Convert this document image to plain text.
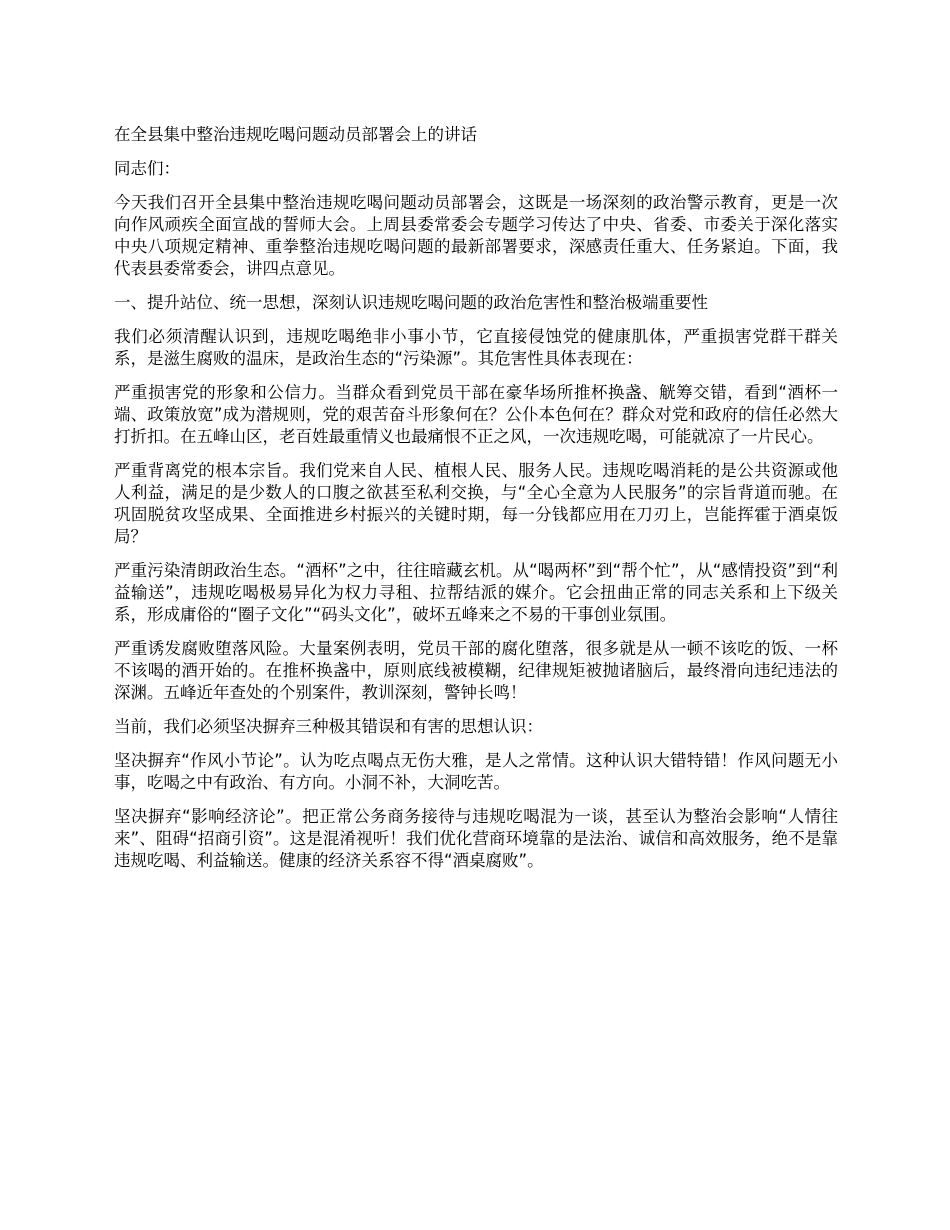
在全县集中整治违规吃喝问题动员部署会上的讲话

同志们：

今天我们召开全县集中整治违规吃喝问题动员部署会，这既是一场深刻的政治警示教育，更是一次向作风顽疾全面宣战的誓师大会。上周县委常委会专题学习传达了中央、省委、市委关于深化落实中央八项规定精神、重拳整治违规吃喝问题的最新部署要求，深感责任重大、任务紧迫。下面，我代表县委常委会，讲四点意见。

一、提升站位、统一思想，深刻认识违规吃喝问题的政治危害性和整治极端重要性

我们必须清醒认识到，违规吃喝绝非小事小节，它直接侵蚀党的健康肌体，严重损害党群干群关系，是滋生腐败的温床，是政治生态的“污染源”。其危害性具体表现在：

严重损害党的形象和公信力。当群众看到党员干部在豪华场所推杯换盏、觥筹交错，看到“酒杯一端、政策放宽”成为潜规则，党的艰苦奋斗形象何在？公仆本色何在？群众对党和政府的信任必然大打折扣。在五峰山区，老百姓最重情义也最痛恨不正之风，一次违规吃喝，可能就凉了一片民心。

严重背离党的根本宗旨。我们党来自人民、植根人民、服务人民。违规吃喝消耗的是公共资源或他人利益，满足的是少数人的口腹之欲甚至私利交换，与“全心全意为人民服务”的宗旨背道而驰。在巩固脱贫攻坚成果、全面推进乡村振兴的关键时期，每一分钱都应用在刀刃上，岂能挥霍于酒桌饭局？

严重污染清朗政治生态。“酒杯”之中，往往暗藏玄机。从“喝两杯”到“帮个忙”，从“感情投资”到“利益输送”，违规吃喝极易异化为权力寻租、拉帮结派的媒介。它会扭曲正常的同志关系和上下级关系，形成庸俗的“圈子文化”“码头文化”，破坏五峰来之不易的干事创业氛围。

严重诱发腐败堕落风险。大量案例表明，党员干部的腐化堕落，很多就是从一顿不该吃的饭、一杯不该喝的酒开始的。在推杯换盏中，原则底线被模糊，纪律规矩被抛诸脑后，最终滑向违纪违法的深渊。五峰近年查处的个别案件，教训深刻，警钟长鸣！

当前，我们必须坚决摒弃三种极其错误和有害的思想认识：

坚决摒弃“作风小节论”。认为吃点喝点无伤大雅，是人之常情。这种认识大错特错！作风问题无小事，吃喝之中有政治、有方向。小洞不补，大洞吃苦。

坚决摒弃“影响经济论”。把正常公务商务接待与违规吃喝混为一谈，甚至认为整治会影响“人情往来”、阻碍“招商引资”。这是混淆视听！我们优化营商环境靠的是法治、诚信和高效服务，绝不是靠违规吃喝、利益输送。健康的经济关系容不得“酒桌腐败”。
